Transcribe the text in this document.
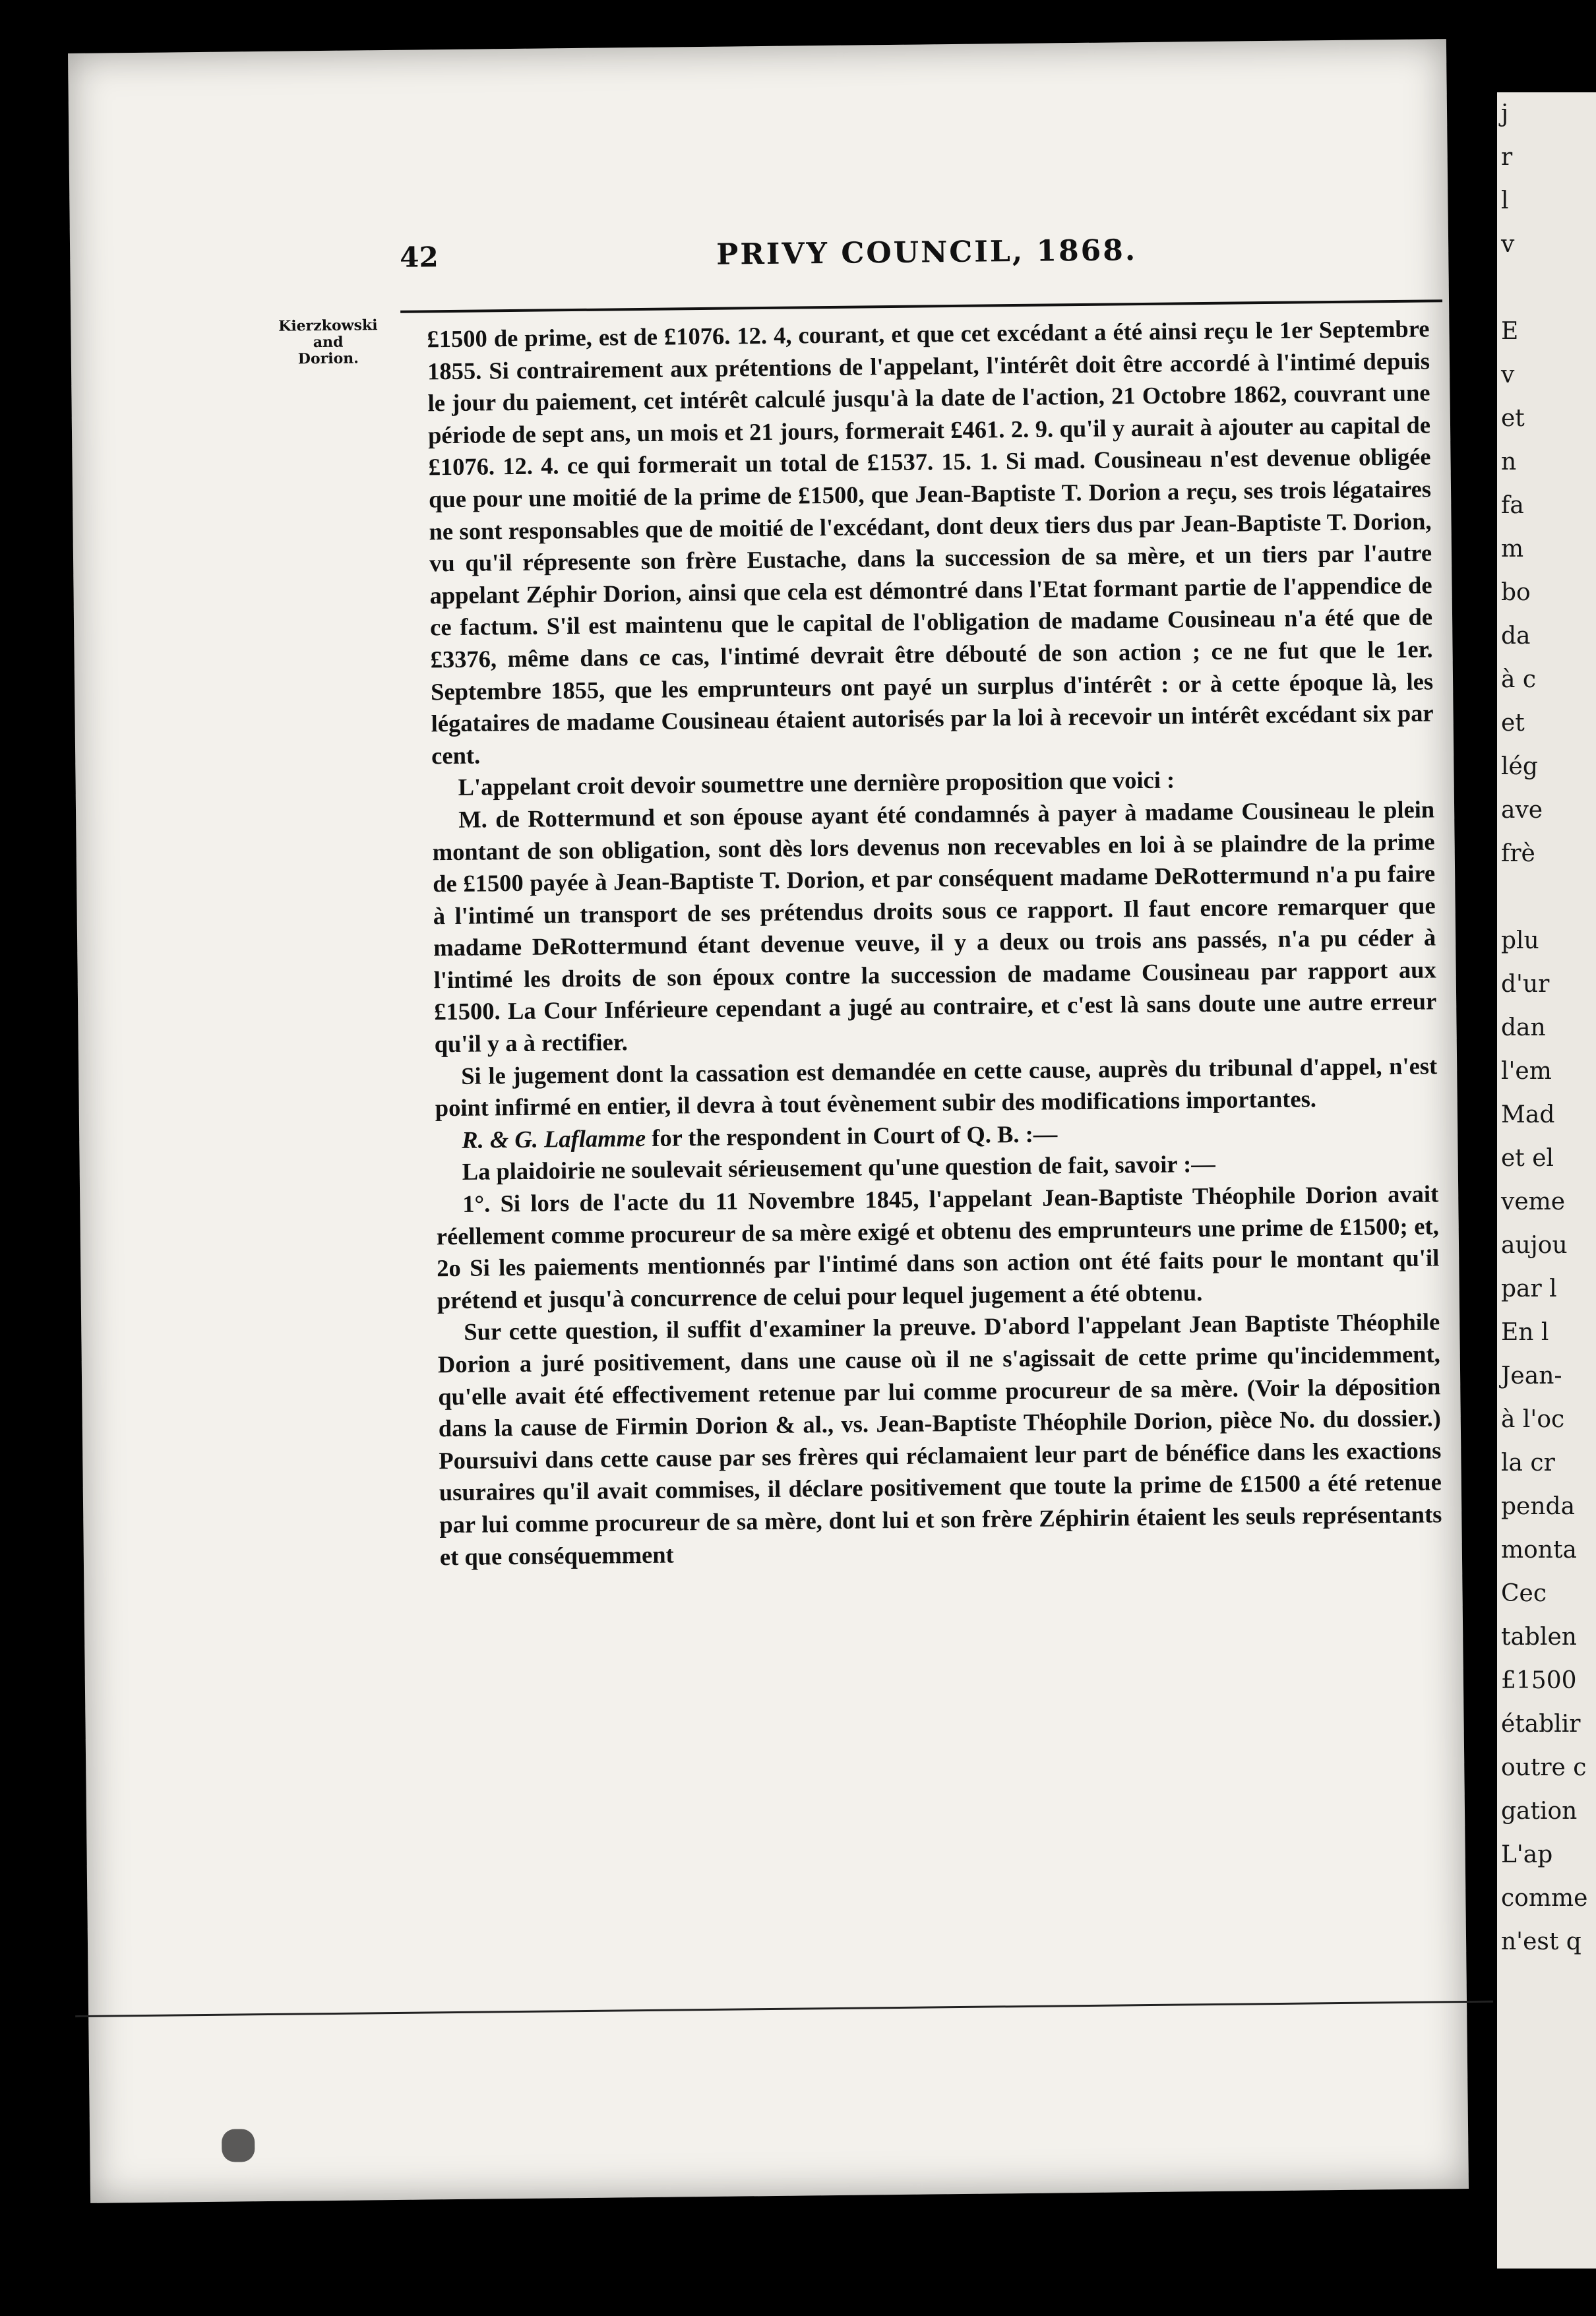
42	PRIVY COUNCIL, 1868.
Kierzkowski
and
Dorion.

£1500 de prime, est de £1076. 12. 4, courant, et que cet excédant a été ainsi reçu le 1er Septembre 1855. Si contrairement aux prétentions de l'appelant, l'intérêt doit être accordé à l'intimé depuis le jour du paiement, cet intérêt calculé jusqu'à la date de l'action, 21 Octobre 1862, couvrant une période de sept ans, un mois et 21 jours, formerait £461. 2. 9. qu'il y aurait à ajouter au capital de £1076. 12. 4. ce qui formerait un total de £1537. 15. 1. Si mad. Cousineau n'est devenue obligée que pour une moitié de la prime de £1500, que Jean-Baptiste T. Dorion a reçu, ses trois légataires ne sont responsables que de moitié de l'excédant, dont deux tiers dus par Jean-Baptiste T. Dorion, vu qu'il répresente son frère Eustache, dans la succession de sa mère, et un tiers par l'autre appelant Zéphir Dorion, ainsi que cela est démontré dans l'Etat formant partie de l'appendice de ce factum. S'il est maintenu que le capital de l'obligation de madame Cousineau n'a été que de £3376, même dans ce cas, l'intimé devrait être débouté de son action ; ce ne fut que le 1er. Septembre 1855, que les emprunteurs ont payé un surplus d'intérêt : or à cette époque là, les légataires de madame Cousineau étaient autorisés par la loi à recevoir un intérêt excédant six par cent.

L'appelant croit devoir soumettre une dernière proposition que voici :

M. de Rottermund et son épouse ayant été condamnés à payer à madame Cousineau le plein montant de son obligation, sont dès lors devenus non recevables en loi à se plaindre de la prime de £1500 payée à Jean-Baptiste T. Dorion, et par conséquent madame DeRottermund n'a pu faire à l'intimé un transport de ses prétendus droits sous ce rapport. Il faut encore remarquer que madame DeRottermund étant devenue veuve, il y a deux ou trois ans passés, n'a pu céder à l'intimé les droits de son époux contre la succession de madame Cousineau par rapport aux £1500. La Cour Inférieure cependant a jugé au contraire, et c'est là sans doute une autre erreur qu'il y a à rectifier.

Si le jugement dont la cassation est demandée en cette cause, auprès du tribunal d'appel, n'est point infirmé en entier, il devra à tout évènement subir des modifications importantes.

R. & G. Laflamme for the respondent in Court of Q. B. :—

La plaidoirie ne soulevait sérieusement qu'une question de fait, savoir :—

1°. Si lors de l'acte du 11 Novembre 1845, l'appelant Jean-Baptiste Théophile Dorion avait réellement comme procureur de sa mère exigé et obtenu des emprunteurs une prime de £1500; et, 2o Si les paiements mentionnés par l'intimé dans son action ont été faits pour le montant qu'il prétend et jusqu'à concurrence de celui pour lequel jugement a été obtenu.

Sur cette question, il suffit d'examiner la preuve. D'abord l'appelant Jean Baptiste Théophile Dorion a juré positivement, dans une cause où il ne s'agissait de cette prime qu'incidemment, qu'elle avait été effectivement retenue par lui comme procureur de sa mère. (Voir la déposition dans la cause de Firmin Dorion & al., vs. Jean-Baptiste Théophile Dorion, pièce No. du dossier.) Poursuivi dans cette cause par ses frères qui réclamaient leur part de bénéfice dans les exactions usuraires qu'il avait commises, il déclare positivement que toute la prime de £1500 a été retenue par lui comme procureur de sa mère, dont lui et son frère Zéphirin étaient les seuls représentants et que conséquemment

j
r
l
v

E
v
et
n
fa
m
bo
da
à c
et
lég
ave
frè

plu
d'ur
dan
l'em
Mad
et el
veme
aujou
par l
En l
Jean-
à l'oc
la cr
penda
monta
Cec
tablen
£1500
établir
outre c
gation
L'ap
comme
n'est q
